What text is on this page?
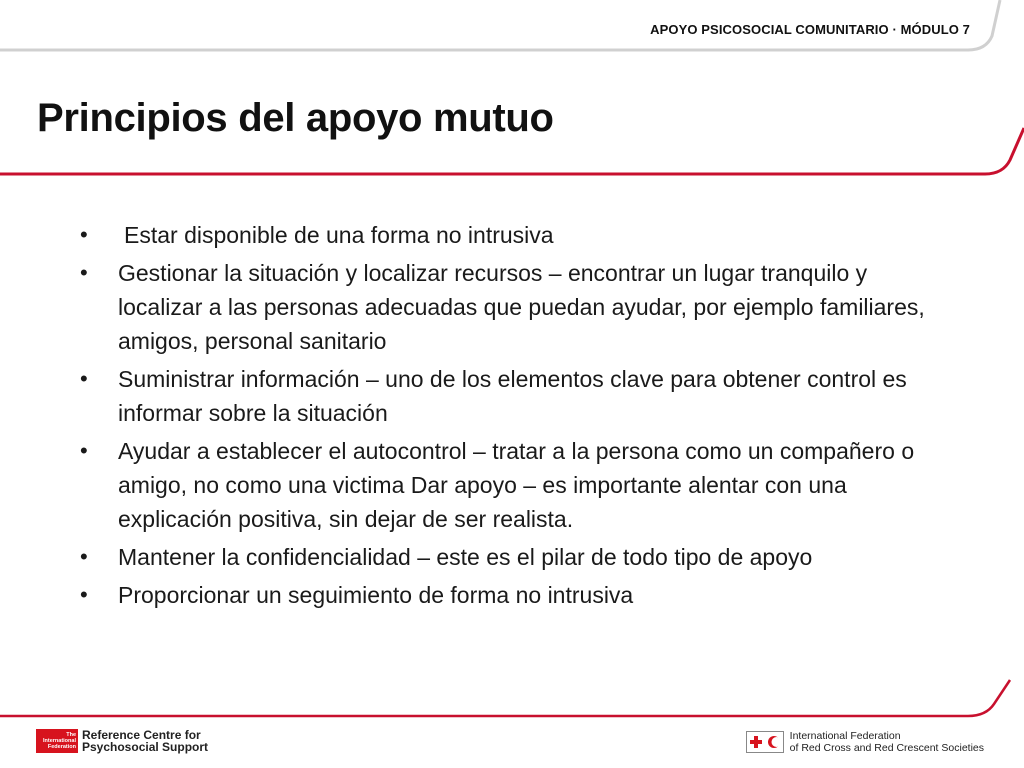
APOYO PSICOSOCIAL COMUNITARIO · MÓDULO 7
Principios del apoyo mutuo
• Estar disponible de una forma no intrusiva
• Gestionar la situación y localizar recursos – encontrar un lugar tranquilo y localizar a las personas adecuadas que puedan ayudar, por ejemplo familiares, amigos, personal sanitario
• Suministrar información – uno de los elementos clave para obtener control es informar sobre la situación
• Ayudar a establecer el autocontrol – tratar a la persona como un compañero o amigo, no como una victima Dar apoyo – es importante alentar con una explicación positiva, sin dejar de ser realista.
• Mantener la confidencialidad – este es el pilar de todo tipo de apoyo
• Proporcionar un seguimiento de forma no intrusiva
The
International
Federation
Reference Centre for
Psychosocial Support
International Federation
of Red Cross and Red Crescent Societies
